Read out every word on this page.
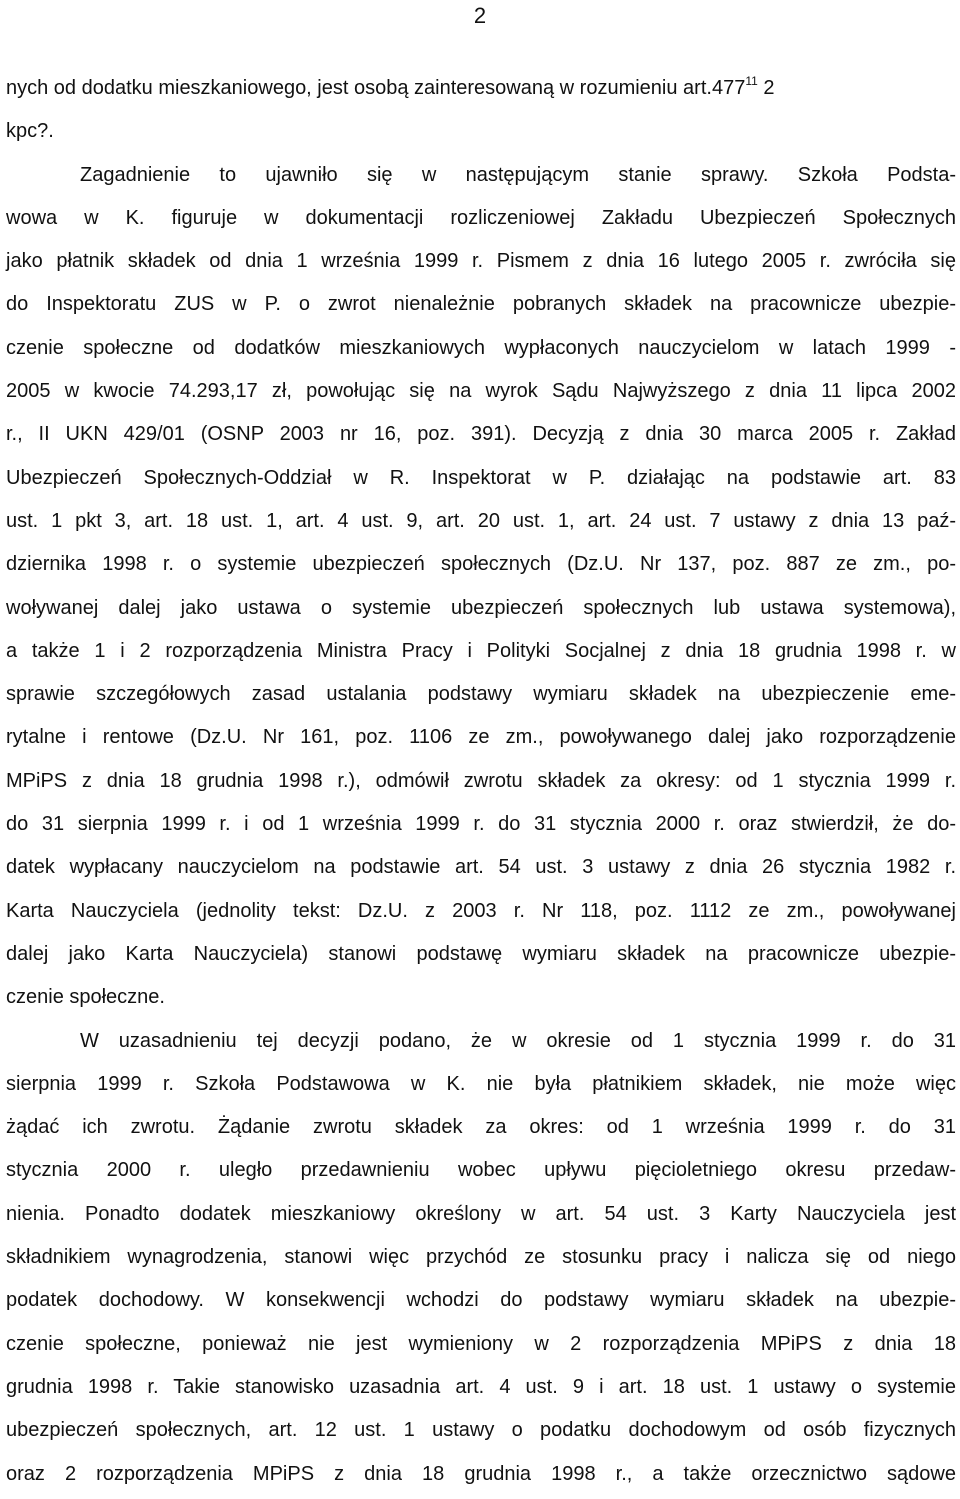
2
nych od dodatku mieszkaniowego, jest osobą zainteresowaną w rozumieniu art.477$^{11}$ 2
kpc?.
Zagadnienie to ujawniło się w następującym stanie sprawy. Szkoła Podsta-
wowa w K. figuruje w dokumentacji rozliczeniowej Zakładu Ubezpieczeń Społecznych
jako płatnik składek od dnia 1 września 1999 r. Pismem z dnia 16 lutego 2005 r. zwróciła się
do Inspektoratu ZUS w P. o zwrot nienależnie pobranych składek na pracownicze ubezpie-
czenie społeczne od dodatków mieszkaniowych wypłaconych nauczycielom w latach 1999 -
2005 w kwocie 74.293,17 zł, powołując się na wyrok Sądu Najwyższego z dnia 11 lipca 2002
r., II UKN 429/01 (OSNP 2003 nr 16, poz. 391). Decyzją z dnia 30 marca 2005 r. Zakład
Ubezpieczeń Społecznych-Oddział w R. Inspektorat w P. działając na podstawie art. 83
ust. 1 pkt 3, art. 18 ust. 1, art. 4 ust. 9, art. 20 ust. 1, art. 24 ust. 7 ustawy z dnia 13 paź-
dziernika 1998 r. o systemie ubezpieczeń społecznych (Dz.U. Nr 137, poz. 887 ze zm., po-
woływanej dalej jako ustawa o systemie ubezpieczeń społecznych lub ustawa systemowa),
a także 1 i 2 rozporządzenia Ministra Pracy i Polityki Socjalnej z dnia 18 grudnia 1998 r. w
sprawie szczegółowych zasad ustalania podstawy wymiaru składek na ubezpieczenie eme-
rytalne i rentowe (Dz.U. Nr 161, poz. 1106 ze zm., powoływanego dalej jako rozporządzenie
MPiPS z dnia 18 grudnia 1998 r.), odmówił zwrotu składek za okresy: od 1 stycznia 1999 r.
do 31 sierpnia 1999 r. i od 1 września 1999 r. do 31 stycznia 2000 r. oraz stwierdził, że do-
datek wypłacany nauczycielom na podstawie art. 54 ust. 3 ustawy z dnia 26 stycznia 1982 r.
Karta Nauczyciela (jednolity tekst: Dz.U. z 2003 r. Nr 118, poz. 1112 ze zm., powoływanej
dalej jako Karta Nauczyciela) stanowi podstawę wymiaru składek na pracownicze ubezpie-
czenie społeczne.
W uzasadnieniu tej decyzji podano, że w okresie od 1 stycznia 1999 r. do 31
sierpnia 1999 r. Szkoła Podstawowa w K. nie była płatnikiem składek, nie może więc
żądać ich zwrotu. Żądanie zwrotu składek za okres: od 1 września 1999 r. do 31
stycznia 2000 r. uległo przedawnieniu wobec upływu pięcioletniego okresu przedaw-
nienia. Ponadto dodatek mieszkaniowy określony w art. 54 ust. 3 Karty Nauczyciela jest
składnikiem wynagrodzenia, stanowi więc przychód ze stosunku pracy i nalicza się od niego
podatek dochodowy. W konsekwencji wchodzi do podstawy wymiaru składek na ubezpie-
czenie społeczne, ponieważ nie jest wymieniony w 2 rozporządzenia MPiPS z dnia 18
grudnia 1998 r. Takie stanowisko uzasadnia art. 4 ust. 9 i art. 18 ust. 1 ustawy o systemie
ubezpieczeń społecznych, art. 12 ust. 1 ustawy o podatku dochodowym od osób fizycznych
oraz 2 rozporządzenia MPiPS z dnia 18 grudnia 1998 r., a także orzecznictwo sądowe
